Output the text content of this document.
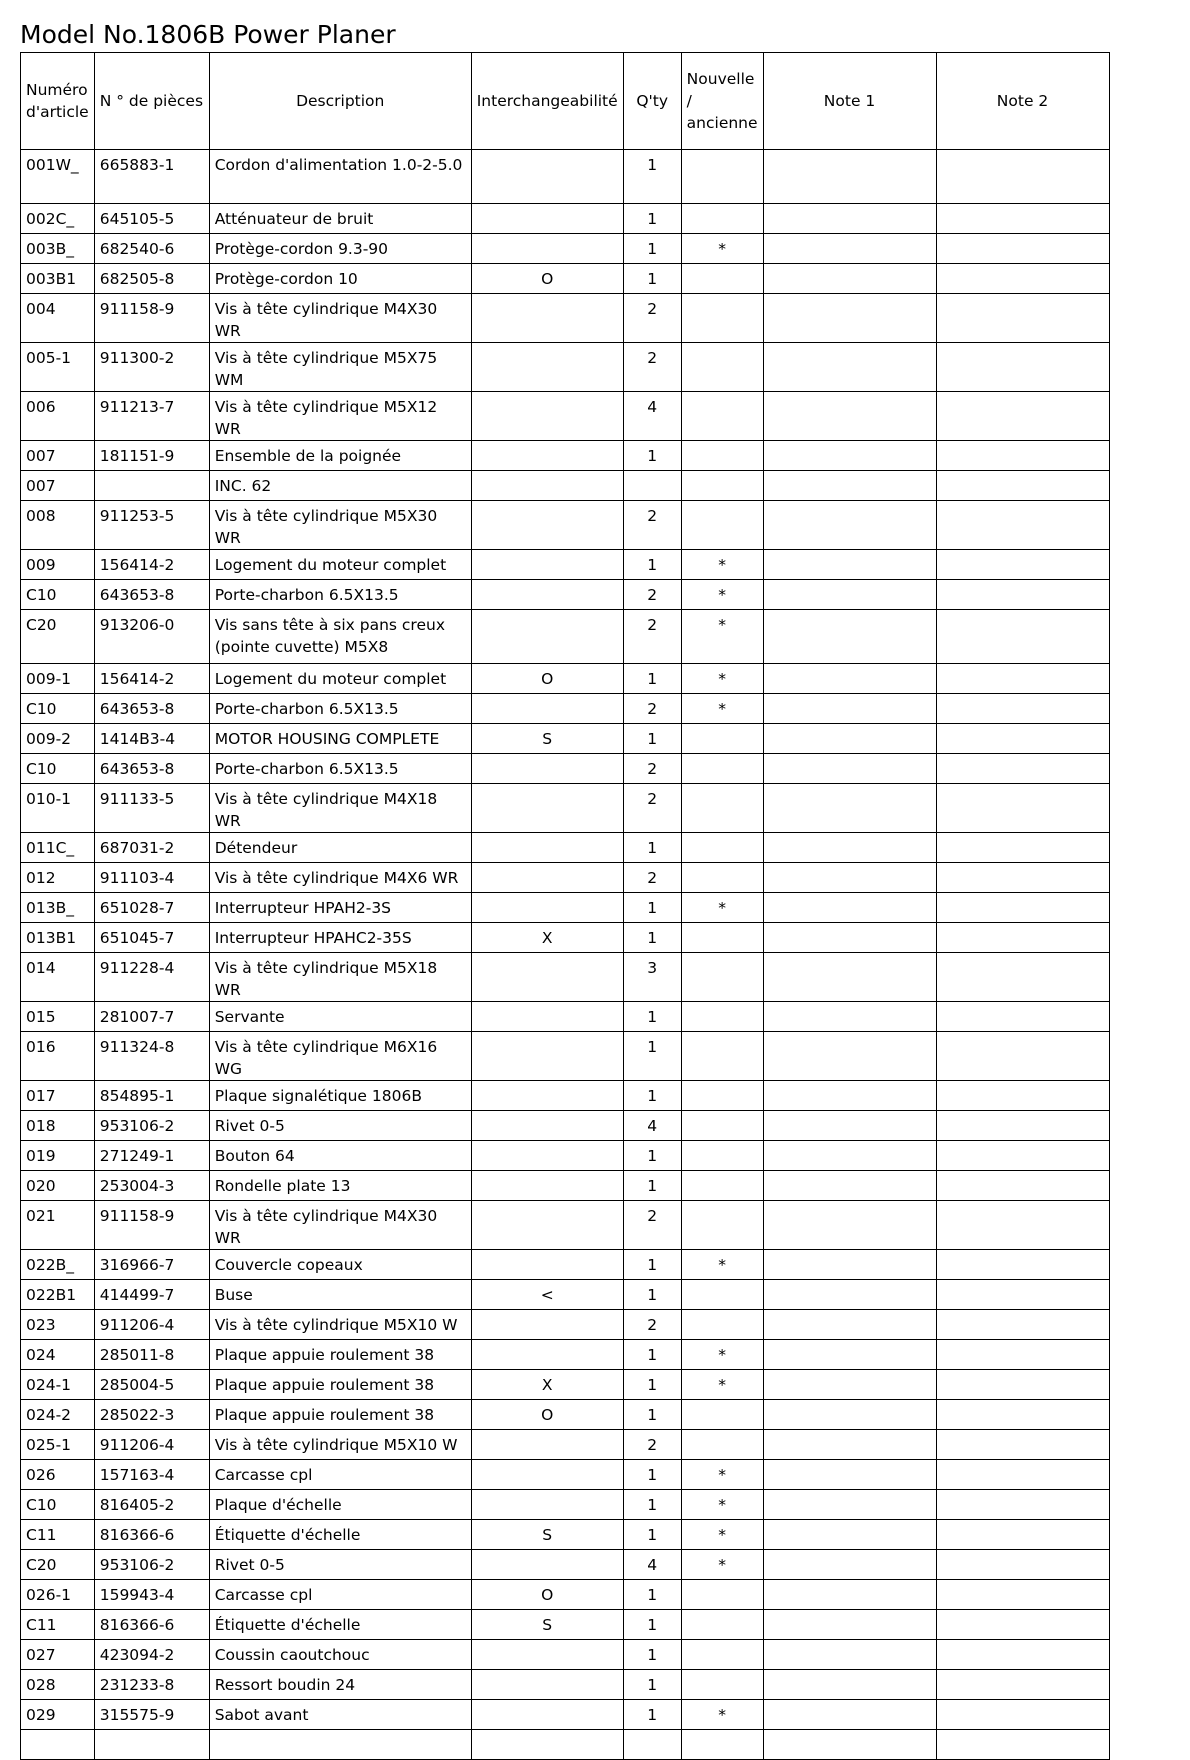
Model No.1806B Power Planer
Numéro d'article	N ° de pièces	Description	Interchangeabilité	Q'ty	Nouvelle / ancienne	Note 1	Note 2
001W_	665883-1	Cordon d'alimentation 1.0-2-5.0		1			
002C_	645105-5	Atténuateur de bruit		1			
003B_	682540-6	Protège-cordon 9.3-90		1	*		
003B1	682505-8	Protège-cordon 10	O	1			
004	911158-9	Vis à tête cylindrique M4X30 WR		2			
005-1	911300-2	Vis à tête cylindrique M5X75 WM		2			
006	911213-7	Vis à tête cylindrique M5X12 WR		4			
007	181151-9	Ensemble de la poignée		1			
007		INC. 62					
008	911253-5	Vis à tête cylindrique M5X30 WR		2			
009	156414-2	Logement du moteur complet		1	*		
C10	643653-8	Porte-charbon 6.5X13.5		2	*		
C20	913206-0	Vis sans tête à six pans creux (pointe cuvette) M5X8		2	*		
009-1	156414-2	Logement du moteur complet	O	1	*		
C10	643653-8	Porte-charbon 6.5X13.5		2	*		
009-2	1414B3-4	MOTOR HOUSING COMPLETE	S	1			
C10	643653-8	Porte-charbon 6.5X13.5		2			
010-1	911133-5	Vis à tête cylindrique M4X18 WR		2			
011C_	687031-2	Détendeur		1			
012	911103-4	Vis à tête cylindrique M4X6 WR		2			
013B_	651028-7	Interrupteur HPAH2-3S		1	*		
013B1	651045-7	Interrupteur HPAHC2-35S	X	1			
014	911228-4	Vis à tête cylindrique M5X18 WR		3			
015	281007-7	Servante		1			
016	911324-8	Vis à tête cylindrique M6X16 WG		1			
017	854895-1	Plaque signalétique 1806B		1			
018	953106-2	Rivet 0-5		4			
019	271249-1	Bouton 64		1			
020	253004-3	Rondelle plate 13		1			
021	911158-9	Vis à tête cylindrique M4X30 WR		2			
022B_	316966-7	Couvercle copeaux		1	*		
022B1	414499-7	Buse	<	1			
023	911206-4	Vis à tête cylindrique M5X10 W		2			
024	285011-8	Plaque appuie roulement 38		1	*		
024-1	285004-5	Plaque appuie roulement 38	X	1	*		
024-2	285022-3	Plaque appuie roulement 38	O	1			
025-1	911206-4	Vis à tête cylindrique M5X10 W		2			
026	157163-4	Carcasse cpl		1	*		
C10	816405-2	Plaque d'échelle		1	*		
C11	816366-6	Étiquette d'échelle	S	1	*		
C20	953106-2	Rivet 0-5		4	*		
026-1	159943-4	Carcasse cpl	O	1			
C11	816366-6	Étiquette d'échelle	S	1			
027	423094-2	Coussin caoutchouc		1			
028	231233-8	Ressort boudin 24		1			
029	315575-9	Sabot avant		1	*		
